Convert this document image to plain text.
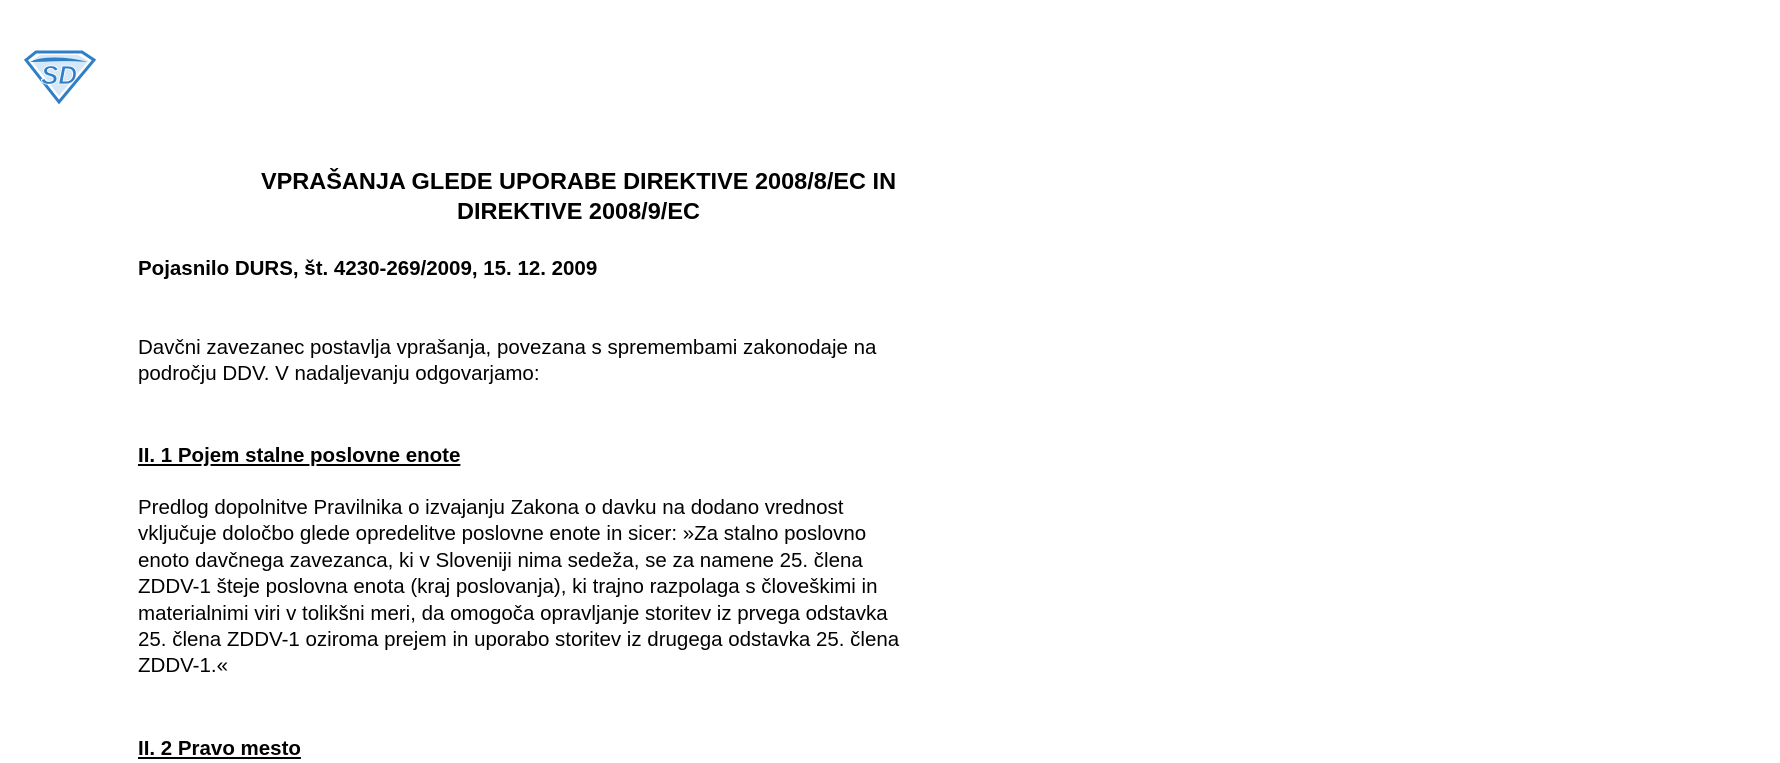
SD
VPRAŠANJA GLEDE UPORABE DIREKTIVE 2008/8/EC IN
DIREKTIVE 2008/9/EC

Pojasnilo DURS, št. 4230-269/2009, 15. 12. 2009

Davčni zavezanec postavlja vprašanja, povezana s spremembami zakonodaje na
področju DDV. V nadaljevanju odgovarjamo:

II. 1 Pojem stalne poslovne enote

Predlog dopolnitve Pravilnika o izvajanju Zakona o davku na dodano vrednost
vključuje določbo glede opredelitve poslovne enote in sicer: »Za stalno poslovno
enoto davčnega zavezanca, ki v Sloveniji nima sedeža, se za namene 25. člena
ZDDV-1 šteje poslovna enota (kraj poslovanja), ki trajno razpolaga s človeškimi in
materialnimi viri v tolikšni meri, da omogoča opravljanje storitev iz prvega odstavka
25. člena ZDDV-1 oziroma prejem in uporabo storitev iz drugega odstavka 25. člena
ZDDV-1.«

II. 2 Pravo mesto
